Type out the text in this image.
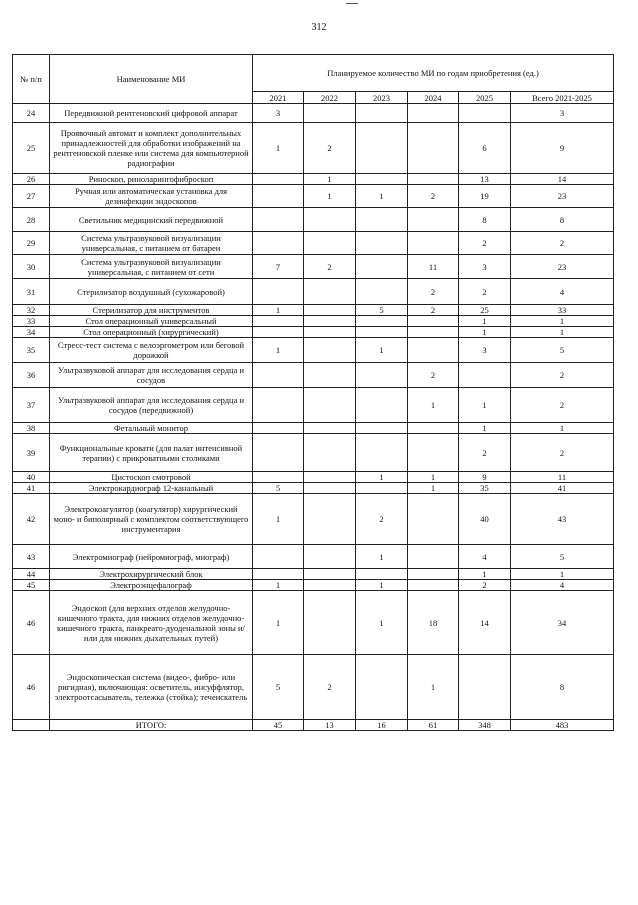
312
№ п/п	Наименование МИ	Планируемое количество МИ по годам приобретения (ед.)					
		2021	2022	2023	2024	2025	Всего 2021-2025
24	Передвижной рентгеновский цифровой аппарат	3					3
25	Проявочный автомат и комплект дополнительных принадлежностей для обработки изображений на рентгеновской пленке или система для компьютерной радиографии	1	2			6	9
26	Риноскоп, риноларингофиброскоп		1			13	14
27	Ручная или автоматическая установка для дезинфекции эндоскопов		1	1	2	19	23
28	Светильник медицинский передвижной					8	8
29	Система ультразвуковой визуализации универсальная, с питанием от батареи					2	2
30	Система ультразвуковой визуализации универсальная, с питанием от сети	7	2		11	3	23
31	Стерилизатор воздушный (сухожаровой)				2	2	4
32	Стерилизатор для инструментов	1		5	2	25	33
33	Стол операционный универсальный					1	1
34	Стол операционный (хирургический)					1	1
35	Стресс-тест система с велоэргометром или беговой дорожкой	1		1		3	5
36	Ультразвуковой аппарат для исследования сердца и сосудов				2		2
37	Ультразвуковой аппарат для исследования сердца и сосудов (передвижной)				1	1	2
38	Фетальный монитор					1	1
39	Функциональные кровати (для палат интенсивной терапии) с прикроватными столиками					2	2
40	Цистоскоп смотровой			1	1	9	11
41	Электрокардиограф 12-канальный	5			1	35	41
42	Электрокоагулятор (коагулятор) хирургический моно- и биполярный с комплектом соответствующего инструментария	1		2		40	43
43	Электромиограф (нейромиограф, миограф)			1		4	5
44	Электрохирургический блок					1	1
45	Электроэнцефалограф	1		1		2	4
46	Эндоскоп (для верхних отделов желудочно-кишечного тракта, для нижних отделов желудочно-кишечного тракта, панкреато-дуоденальной зоны и/или для нижних дыхательных путей)	1		1	18	14	34
46	Эндоскопическая система (видео-, фибро- или ригидная), включающая: осветитель, инсуффлятор, электроотсасыватель, тележка (стойка); течеискатель	5	2		1		8
	ИТОГО:	45	13	16	61	348	483
